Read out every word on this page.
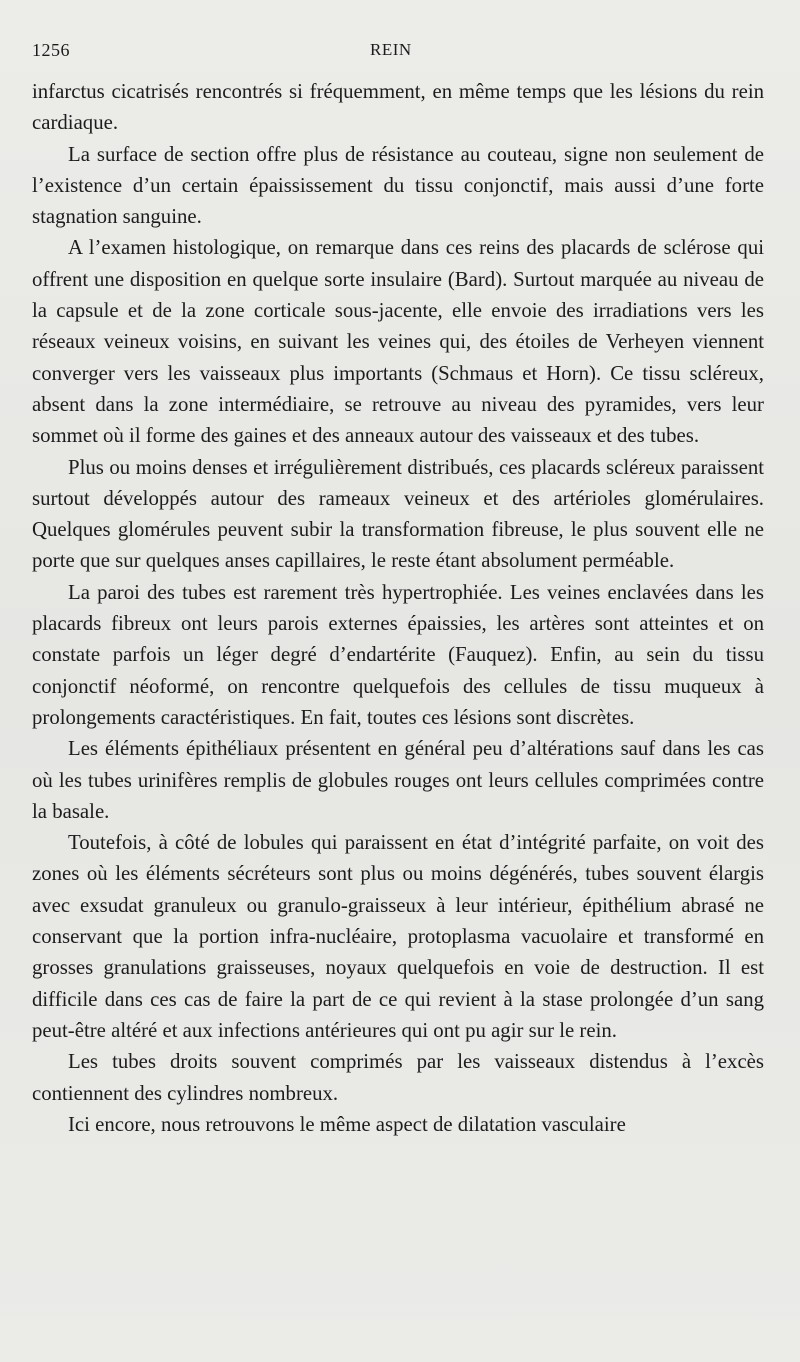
1256	REIN

infarctus cicatrisés rencontrés si fréquemment, en même temps que les lésions du rein cardiaque.

La surface de section offre plus de résistance au couteau, signe non seulement de l’existence d’un certain épaississement du tissu conjonctif, mais aussi d’une forte stagnation sanguine.

A l’examen histologique, on remarque dans ces reins des placards de sclérose qui offrent une disposition en quelque sorte insulaire (Bard). Surtout marquée au niveau de la capsule et de la zone corticale sous-jacente, elle envoie des irradiations vers les réseaux veineux voisins, en suivant les veines qui, des étoiles de Verheyen viennent converger vers les vaisseaux plus importants (Schmaus et Horn). Ce tissu scléreux, absent dans la zone intermédiaire, se retrouve au niveau des pyramides, vers leur sommet où il forme des gaines et des anneaux autour des vaisseaux et des tubes.

Plus ou moins denses et irrégulièrement distribués, ces placards scléreux paraissent surtout développés autour des rameaux veineux et des artérioles glomérulaires. Quelques glomérules peuvent subir la transformation fibreuse, le plus souvent elle ne porte que sur quelques anses capillaires, le reste étant absolument perméable.

La paroi des tubes est rarement très hypertrophiée. Les veines enclavées dans les placards fibreux ont leurs parois externes épaissies, les artères sont atteintes et on constate parfois un léger degré d’endartérite (Fauquez). Enfin, au sein du tissu conjonctif néoformé, on rencontre quelquefois des cellules de tissu muqueux à prolongements caractéristiques. En fait, toutes ces lésions sont discrètes.

Les éléments épithéliaux présentent en général peu d’altérations sauf dans les cas où les tubes urinifères remplis de globules rouges ont leurs cellules comprimées contre la basale.

Toutefois, à côté de lobules qui paraissent en état d’intégrité parfaite, on voit des zones où les éléments sécréteurs sont plus ou moins dégénérés, tubes souvent élargis avec exsudat granuleux ou granulo-graisseux à leur intérieur, épithélium abrasé ne conservant que la portion infra-nucléaire, protoplasma vacuolaire et transformé en grosses granulations graisseuses, noyaux quelquefois en voie de destruction. Il est difficile dans ces cas de faire la part de ce qui revient à la stase prolongée d’un sang peut-être altéré et aux infections antérieures qui ont pu agir sur le rein.

Les tubes droits souvent comprimés par les vaisseaux distendus à l’excès contiennent des cylindres nombreux.

Ici encore, nous retrouvons le même aspect de dilatation vasculaire
